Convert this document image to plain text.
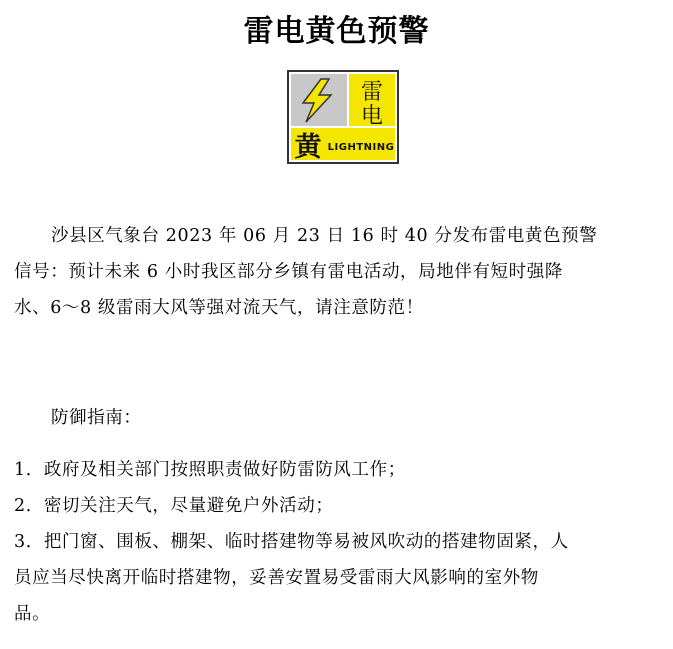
雷电黄色预警
雷
电
黄 LIGHTNING
沙县区气象台 2023 年 06 月 23 日 16 时 40 分发布雷电黄色预警
信号：预计未来 6 小时我区部分乡镇有雷电活动，局地伴有短时强降
水、6～8 级雷雨大风等强对流天气，请注意防范！
防御指南：
1．政府及相关部门按照职责做好防雷防风工作；
2．密切关注天气，尽量避免户外活动；
3．把门窗、围板、棚架、临时搭建物等易被风吹动的搭建物固紧，人
员应当尽快离开临时搭建物，妥善安置易受雷雨大风影响的室外物
品。
